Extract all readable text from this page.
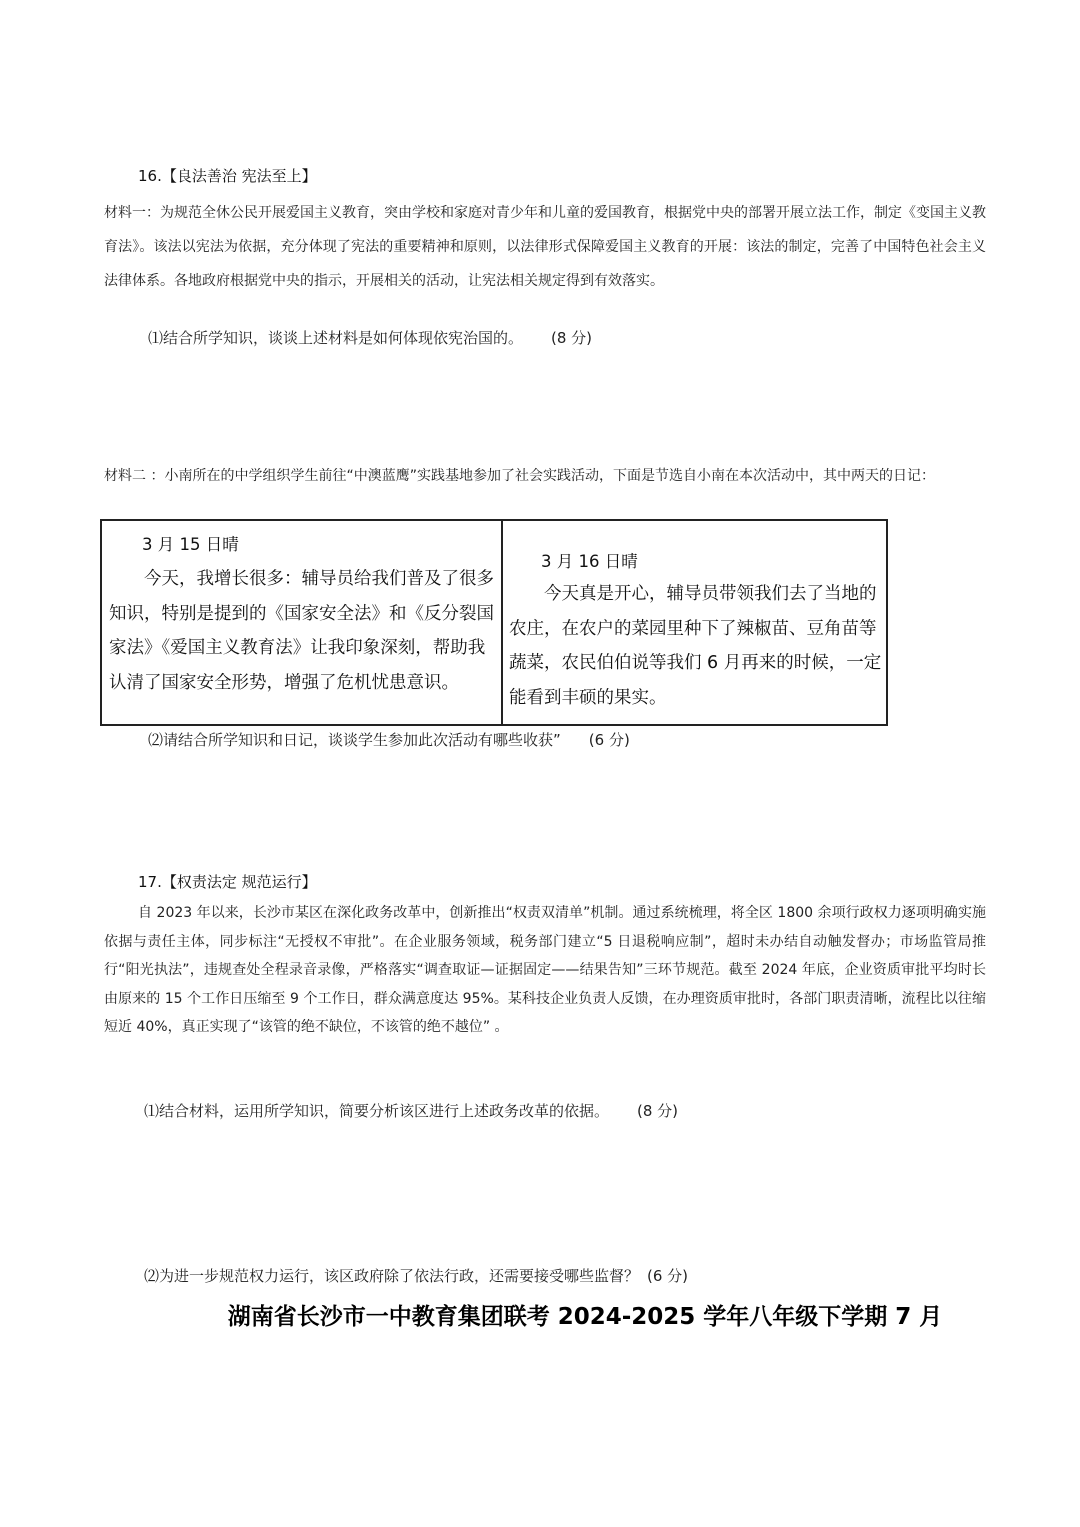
16.【良法善治 宪法至上】

材料一：为规范全休公民开展爱国主义教育，突由学校和家庭对青少年和儿童的爱国教育，根据党中央的部署开展立法工作，制定《变国主义教育法》。该法以宪法为依据，充分体现了宪法的重要精神和原则，以法律形式保障爱国主义教育的开展：该法的制定，完善了中国特色社会主义法律体系。各地政府根据党中央的指示，开展相关的活动，让宪法相关规定得到有效落实。

⑴结合所学知识，谈谈上述材料是如何体现依宪治国的。 (8 分)

材料二 ：小南所在的中学组织学生前往“中澳蓝鹰”实践基地参加了社会实践活动，下面是节选自小南在本次活动中，其中两天的日记：

3 月 15 日晴

今天，我增长很多：辅导员给我们普及了很多知识，特别是提到的《国家安全法》和《反分裂国家法》《爱国主义教育法》让我印象深刻，帮助我认清了国家安全形势，增强了危机忧患意识。

3 月 16 日晴

今天真是开心，辅导员带领我们去了当地的农庄，在农户的菜园里种下了辣椒苗、豆角苗等蔬菜，农民伯伯说等我们 6 月再来的时候，一定能看到丰硕的果实。

⑵请结合所学知识和日记，谈谈学生参加此次活动有哪些收获” (6 分)

17.【权责法定 规范运行】

自 2023 年以来，长沙市某区在深化政务改革中，创新推出“权责双清单”机制。通过系统梳理，将全区 1800 余项行政权力逐项明确实施依据与责任主体，同步标注“无授权不审批”。在企业服务领域，税务部门建立“5 日退税响应制”，超时未办结自动触发督办；市场监管局推行“阳光执法”，违规查处全程录音录像，严格落实“调查取证—证据固定——结果告知”三环节规范。截至 2024 年底，企业资质审批平均时长由原来的 15 个工作日压缩至 9 个工作日，群众满意度达 95%。某科技企业负责人反馈，在办理资质审批时，各部门职责清晰，流程比以往缩短近 40%，真正实现了“该管的绝不缺位，不该管的绝不越位” 。

⑴结合材料，运用所学知识，简要分析该区进行上述政务改革的依据。 (8 分)

⑵为进一步规范权力运行，该区政府除了依法行政，还需要接受哪些监督？ (6 分)

湖南省长沙市一中教育集团联考 2024-2025 学年八年级下学期 7 月
